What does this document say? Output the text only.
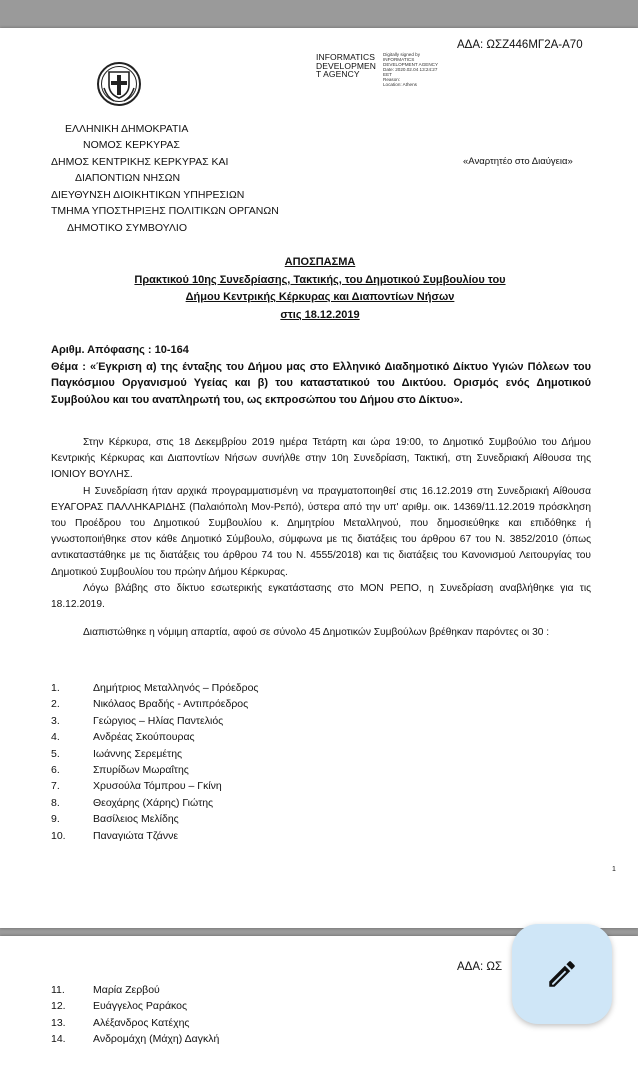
ΑΔΑ: ΩΣΖ446ΜΓ2Α-Α70
INFORMATICS
DEVELOPMEN
T AGENCY
Digitally signed by
INFORMATICS
DEVELOPMENT AGENCY
Date: 2020.02.04 13:24:27
EET
Reason:
Location: Athens
ΕΛΛΗΝΙΚΗ ΔΗΜΟΚΡΑΤΙΑ
ΝΟΜΟΣ ΚΕΡΚΥΡΑΣ
ΔΗΜΟΣ ΚΕΝΤΡΙΚΗΣ ΚΕΡΚΥΡΑΣ ΚΑΙ
ΔΙΑΠΟΝΤΙΩΝ ΝΗΣΩΝ
ΔΙΕΥΘΥΝΣΗ ΔΙΟΙΚΗΤΙΚΩΝ ΥΠΗΡΕΣΙΩΝ
ΤΜΗΜΑ ΥΠΟΣΤΗΡΙΞΗΣ ΠΟΛΙΤΙΚΩΝ ΟΡΓΑΝΩΝ
ΔΗΜΟΤΙΚΟ ΣΥΜΒΟΥΛΙΟ
«Αναρτητέο στο Διαύγεια»
ΑΠΟΣΠΑΣΜΑ
Πρακτικού 10ης Συνεδρίασης, Τακτικής, του Δημοτικού Συμβουλίου του
Δήμου Κεντρικής Κέρκυρας και Διαποντίων Νήσων
στις 18.12.2019
Αριθμ. Απόφασης : 10-164
Θέμα : «Έγκριση α) της ένταξης του Δήμου μας στο Ελληνικό Διαδημοτικό Δίκτυο Υγιών Πόλεων του Παγκόσμιου Οργανισμού Υγείας και β) του καταστατικού του Δικτύου. Ορισμός ενός Δημοτικού Συμβούλου και του αναπληρωτή του, ως εκπροσώπου του Δήμου στο Δίκτυο».

Στην Κέρκυρα, στις 18 Δεκεμβρίου 2019 ημέρα Τετάρτη και ώρα 19:00, το Δημοτικό Συμβούλιο του Δήμου Κεντρικής Κέρκυρας και Διαποντίων Νήσων συνήλθε στην 10η Συνεδρίαση, Τακτική, στη Συνεδριακή Αίθουσα της ΙΟΝΙΟΥ ΒΟΥΛΗΣ.

Η Συνεδρίαση ήταν αρχικά προγραμματισμένη να πραγματοποιηθεί στις 16.12.2019 στη Συνεδριακή Αίθουσα ΕΥΑΓΟΡΑΣ ΠΑΛΛΗΚΑΡΙΔΗΣ (Παλαιόπολη Μον-Ρεπό), ύστερα από την υπ' αριθμ. οικ. 14369/11.12.2019 πρόσκληση του Προέδρου του Δημοτικού Συμβουλίου κ. Δημητρίου Μεταλληνού, που δημοσιεύθηκε και επιδόθηκε ή γνωστοποιήθηκε στον κάθε Δημοτικό Σύμβουλο, σύμφωνα με τις διατάξεις του άρθρου 67 του Ν. 3852/2010 (όπως αντικαταστάθηκε με τις διατάξεις του άρθρου 74 του Ν. 4555/2018) και τις διατάξεις του Κανονισμού Λειτουργίας του Δημοτικού Συμβουλίου του πρώην Δήμου Κέρκυρας.

Λόγω βλάβης στο δίκτυο εσωτερικής εγκατάστασης στο ΜΟΝ ΡΕΠΟ, η Συνεδρίαση αναβλήθηκε για τις 18.12.2019.

Διαπιστώθηκε η νόμιμη απαρτία, αφού σε σύνολο 45 Δημοτικών Συμβούλων βρέθηκαν παρόντες οι 30 :

1.	Δημήτριος Μεταλληνός – Πρόεδρος
2.	Νικόλαος Βραδής - Αντιπρόεδρος
3.	Γεώργιος – Ηλίας Παντελιός
4.	Ανδρέας Σκούπουρας
5.	Ιωάννης Σερεμέτης
6.	Σπυρίδων Μωραΐτης
7.	Χρυσούλα Τόμπρου – Γκίνη
8.	Θεοχάρης (Χάρης) Γιώτης
9.	Βασίλειος Μελίδης
10.	Παναγιώτα Τζάννε
1
ΑΔΑ: ΩΣ
11.	Μαρία Ζερβού
12.	Ευάγγελος Ραράκος
13.	Αλέξανδρος Κατέχης
14.	Ανδρομάχη (Μάχη) Δαγκλή
